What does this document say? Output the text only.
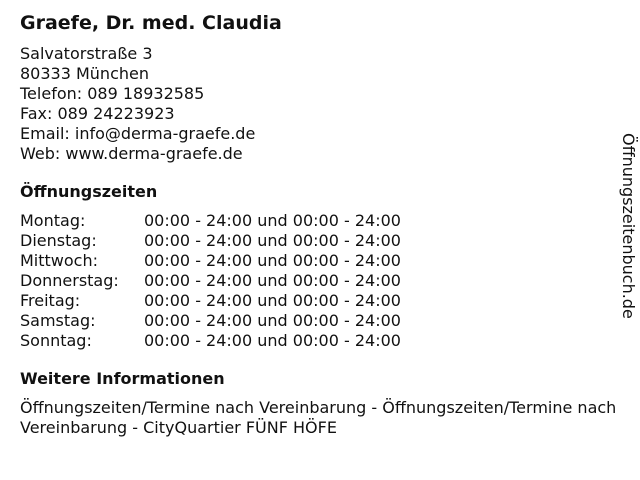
Graefe, Dr. med. Claudia
Salvatorstraße 3
80333 München
Telefon: 089 18932585
Fax: 089 24223923
Email: info@derma-graefe.de
Web: www.derma-graefe.de
Öffnungszeiten
Montag:	00:00 - 24:00 und 00:00 - 24:00
Dienstag:	00:00 - 24:00 und 00:00 - 24:00
Mittwoch:	00:00 - 24:00 und 00:00 - 24:00
Donnerstag:	00:00 - 24:00 und 00:00 - 24:00
Freitag:	00:00 - 24:00 und 00:00 - 24:00
Samstag:	00:00 - 24:00 und 00:00 - 24:00
Sonntag:	00:00 - 24:00 und 00:00 - 24:00
Weitere Informationen
Öffnungszeiten/Termine nach Vereinbarung - Öffnungszeiten/Termine nach Vereinbarung - CityQuartier FÜNF HÖFE
Öffnungszeitenbuch.de
